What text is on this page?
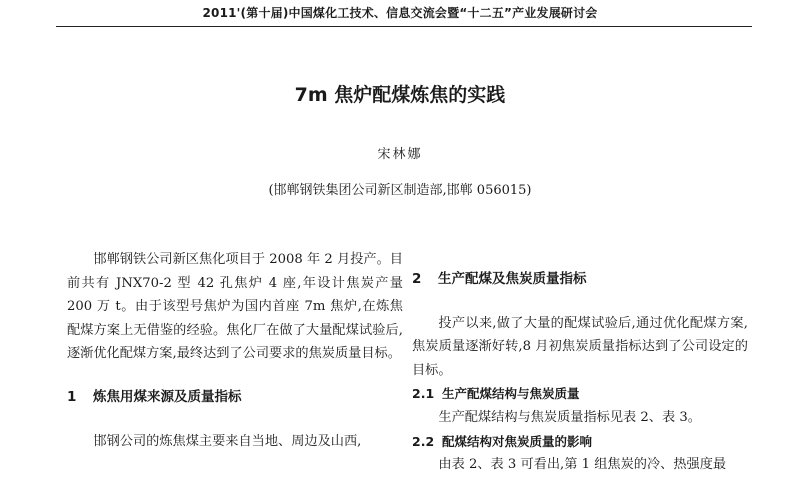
2011'(第十届)中国煤化工技术、信息交流会暨“十二五”产业发展研讨会
7m 焦炉配煤炼焦的实践
宋林娜
(邯郸钢铁集团公司新区制造部,邯郸 056015)

邯郸钢铁公司新区焦化项目于 2008 年 2 月投产。目前共有 JNX70-2 型 42 孔焦炉 4 座,年设计焦炭产量 200 万 t。由于该型号焦炉为国内首座 7m 焦炉,在炼焦配煤方案上无借鉴的经验。焦化厂在做了大量配煤试验后,逐渐优化配煤方案,最终达到了公司要求的焦炭质量目标。

1 炼焦用煤来源及质量指标

邯钢公司的炼焦煤主要来自当地、周边及山西,

2 生产配煤及焦炭质量指标

投产以来,做了大量的配煤试验后,通过优化配煤方案,焦炭质量逐渐好转,8 月初焦炭质量指标达到了公司设定的目标。

2.1 生产配煤结构与焦炭质量

生产配煤结构与焦炭质量指标见表 2、表 3。

2.2 配煤结构对焦炭质量的影响

由表 2、表 3 可看出,第 1 组焦炭的冷、热强度最
